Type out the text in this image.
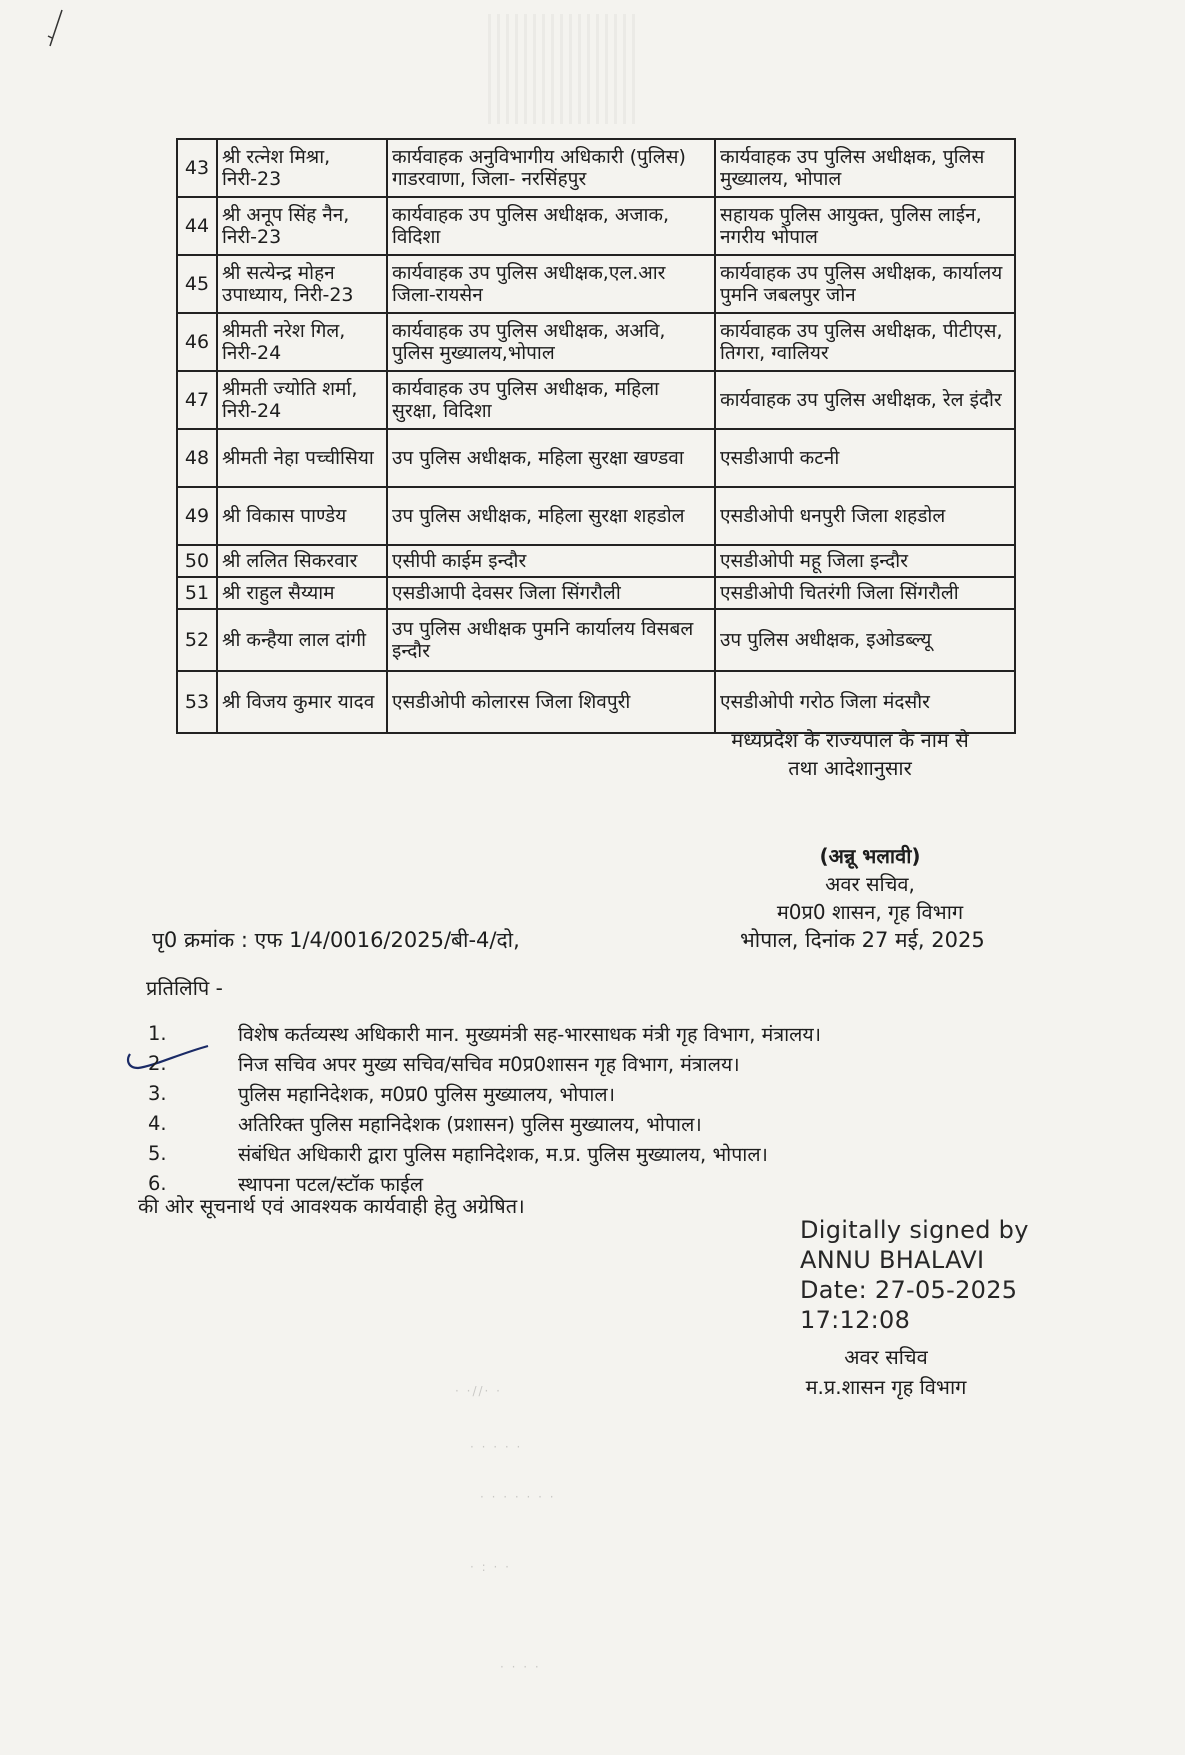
43	श्री रत्नेश मिश्रा, निरी-23	कार्यवाहक अनुविभागीय अधिकारी (पुलिस) गाडरवाणा, जिला- नरसिंहपुर	कार्यवाहक उप पुलिस अधीक्षक, पुलिस मुख्यालय, भोपाल
44	श्री अनूप सिंह नैन, निरी-23	कार्यवाहक उप पुलिस अधीक्षक, अजाक, विदिशा	सहायक पुलिस आयुक्त, पुलिस लाईन, नगरीय भोपाल
45	श्री सत्येन्द्र मोहन उपाध्याय, निरी-23	कार्यवाहक उप पुलिस अधीक्षक,एल.आर जिला-रायसेन	कार्यवाहक उप पुलिस अधीक्षक, कार्यालय पुमनि जबलपुर जोन
46	श्रीमती नरेश गिल, निरी-24	कार्यवाहक उप पुलिस अधीक्षक, अअवि, पुलिस मुख्यालय,भोपाल	कार्यवाहक उप पुलिस अधीक्षक, पीटीएस, तिगरा, ग्वालियर
47	श्रीमती ज्योति शर्मा, निरी-24	कार्यवाहक उप पुलिस अधीक्षक, महिला सुरक्षा, विदिशा	कार्यवाहक उप पुलिस अधीक्षक, रेल इंदौर
48	श्रीमती नेहा पच्चीसिया	उप पुलिस अधीक्षक, महिला सुरक्षा खण्डवा	एसडीआपी कटनी
49	श्री विकास पाण्डेय	उप पुलिस अधीक्षक, महिला सुरक्षा शहडोल	एसडीओपी धनपुरी जिला शहडोल
50	श्री ललित सिकरवार	एसीपी काईम इन्दौर	एसडीओपी महू जिला इन्दौर
51	श्री राहुल सैय्याम	एसडीआपी देवसर जिला सिंगरौली	एसडीओपी चितरंगी जिला सिंगरौली
52	श्री कन्हैया लाल दांगी	उप पुलिस अधीक्षक पुमनि कार्यालय विसबल इन्दौर	उप पुलिस अधीक्षक, इओडब्ल्यू
53	श्री विजय कुमार यादव	एसडीओपी कोलारस जिला शिवपुरी	एसडीओपी गरोठ जिला मंदसौर
मध्यप्रदेश के राज्यपाल के नाम से
तथा आदेशानुसार
(अन्नू भलावी)
अवर सचिव,
म0प्र0 शासन, गृह विभाग
पृ0 क्रमांक : एफ 1/4/0016/2025/बी-4/दो,	भोपाल, दिनांक 27 मई, 2025
प्रतिलिपि -
1.	विशेष कर्तव्यस्थ अधिकारी मान. मुख्यमंत्री सह-भारसाधक मंत्री गृह विभाग, मंत्रालय।
2.	निज सचिव अपर मुख्य सचिव/सचिव म0प्र0शासन गृह विभाग, मंत्रालय।
3.	पुलिस महानिदेशक, म0प्र0 पुलिस मुख्यालय, भोपाल।
4.	अतिरिक्त पुलिस महानिदेशक (प्रशासन) पुलिस मुख्यालय, भोपाल।
5.	संबंधित अधिकारी द्वारा पुलिस महानिदेशक, म.प्र. पुलिस मुख्यालय, भोपाल।
6.	स्थापना पटल/स्टॉक फाईल
की ओर सूचनार्थ एवं आवश्यक कार्यवाही हेतु अग्रेषित।
Digitally signed by
ANNU BHALAVI
Date: 27-05-2025
17:12:08
अवर सचिव
म.प्र.शासन गृह विभाग
· ·//· ·
· · · · ·
· · · · · · ·
· : · ·
· · · ·
